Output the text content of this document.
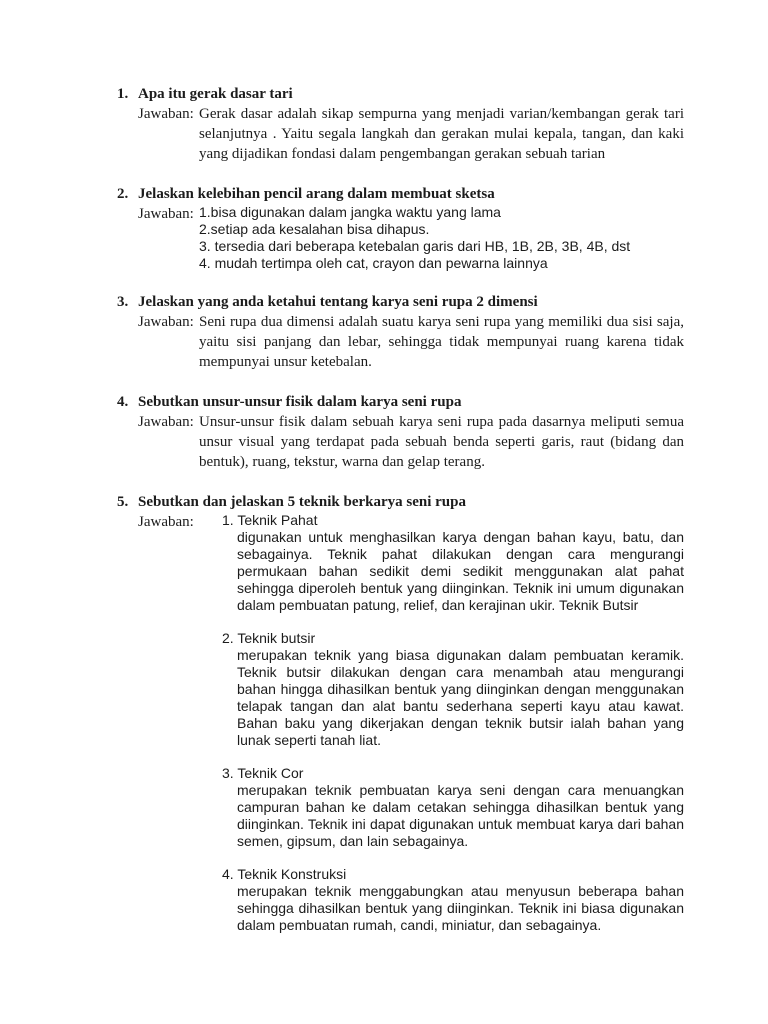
1. Apa itu gerak dasar tari
Jawaban: Gerak dasar adalah sikap sempurna yang menjadi varian/kembangan gerak tari selanjutnya . Yaitu segala langkah dan gerakan mulai kepala, tangan, dan kaki yang dijadikan fondasi dalam pengembangan gerakan sebuah tarian
2. Jelaskan kelebihan pencil arang dalam membuat sketsa
Jawaban: 1.bisa digunakan dalam jangka waktu yang lama
2.setiap ada kesalahan bisa dihapus.
3. tersedia dari beberapa ketebalan garis dari HB, 1B, 2B, 3B, 4B, dst
4. mudah tertimpa oleh cat, crayon dan pewarna lainnya
3. Jelaskan yang anda ketahui tentang karya seni rupa 2 dimensi
Jawaban: Seni rupa dua dimensi adalah suatu karya seni rupa yang memiliki dua sisi saja, yaitu sisi panjang dan lebar, sehingga tidak mempunyai ruang karena tidak mempunyai unsur ketebalan.
4. Sebutkan unsur-unsur fisik dalam karya seni rupa
Jawaban: Unsur-unsur fisik dalam sebuah karya seni rupa pada dasarnya meliputi semua unsur visual yang terdapat pada sebuah benda seperti garis, raut (bidang dan bentuk), ruang, tekstur, warna dan gelap terang.
5. Sebutkan dan jelaskan 5 teknik berkarya seni rupa
Jawaban:	1. Teknik Pahat
digunakan untuk menghasilkan karya dengan bahan kayu, batu, dan sebagainya. Teknik pahat dilakukan dengan cara mengurangi permukaan bahan sedikit demi sedikit menggunakan alat pahat sehingga diperoleh bentuk yang diinginkan. Teknik ini umum digunakan dalam pembuatan patung, relief, dan kerajinan ukir. Teknik Butsir
2. Teknik butsir
merupakan teknik yang biasa digunakan dalam pembuatan keramik. Teknik butsir dilakukan dengan cara menambah atau mengurangi bahan hingga dihasilkan bentuk yang diinginkan dengan menggunakan telapak tangan dan alat bantu sederhana seperti kayu atau kawat. Bahan baku yang dikerjakan dengan teknik butsir ialah bahan yang lunak seperti tanah liat.
3. Teknik Cor
merupakan teknik pembuatan karya seni dengan cara menuangkan campuran bahan ke dalam cetakan sehingga dihasilkan bentuk yang diinginkan. Teknik ini dapat digunakan untuk membuat karya dari bahan semen, gipsum, dan lain sebagainya.
4. Teknik Konstruksi
merupakan teknik menggabungkan atau menyusun beberapa bahan sehingga dihasilkan bentuk yang diinginkan. Teknik ini biasa digunakan dalam pembuatan rumah, candi, miniatur, dan sebagainya.
